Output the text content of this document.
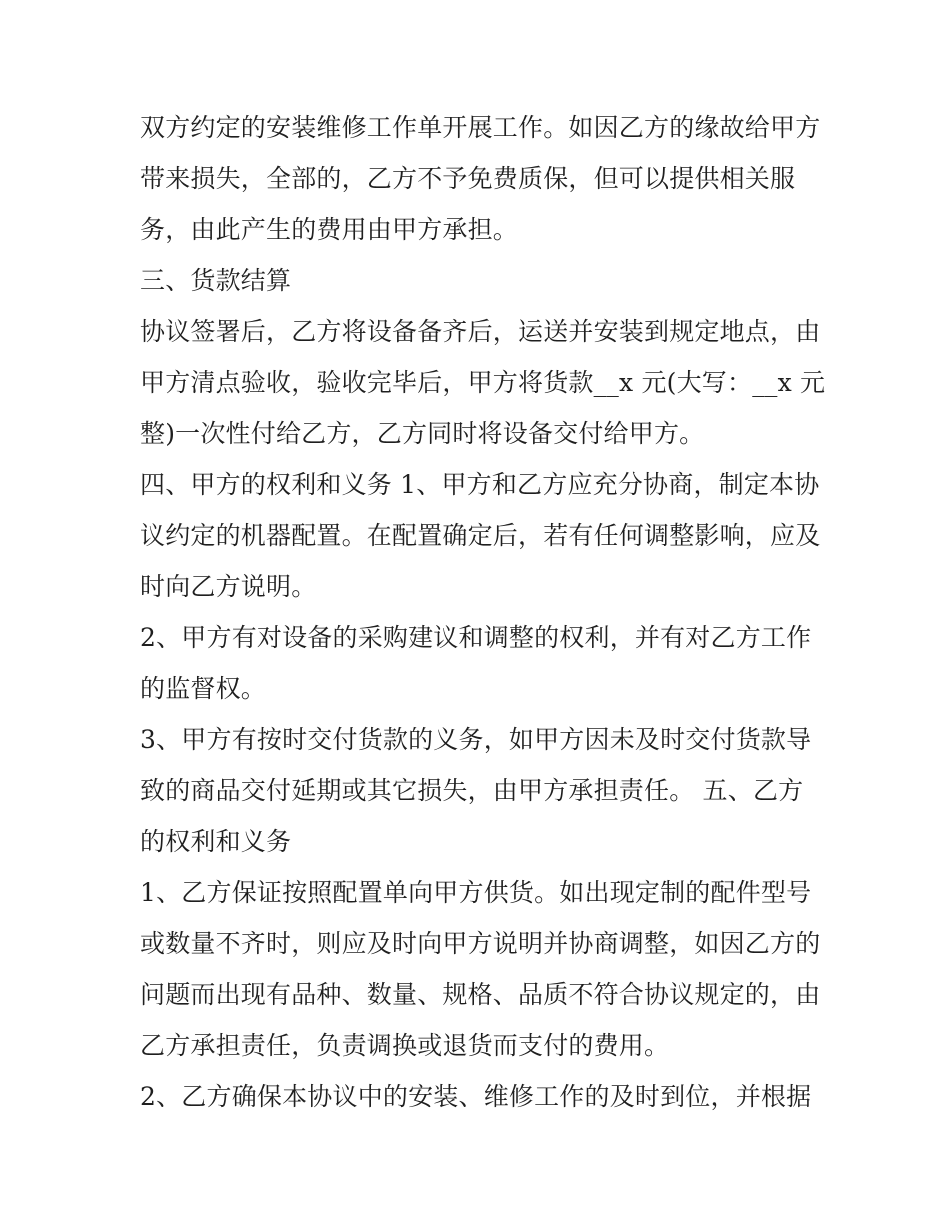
双方约定的安装维修工作单开展工作。如因乙方的缘故给甲方
带来损失，全部的，乙方不予免费质保，但可以提供相关服
务，由此产生的费用由甲方承担。
三、货款结算
协议签署后，乙方将设备备齐后，运送并安装到规定地点，由
甲方清点验收，验收完毕后，甲方将货款__x 元(大写：__x 元
整)一次性付给乙方，乙方同时将设备交付给甲方。
四、甲方的权利和义务 1、甲方和乙方应充分协商，制定本协
议约定的机器配置。在配置确定后，若有任何调整影响，应及
时向乙方说明。
2、甲方有对设备的采购建议和调整的权利，并有对乙方工作
的监督权。
3、甲方有按时交付货款的义务，如甲方因未及时交付货款导
致的商品交付延期或其它损失，由甲方承担责任。 五、乙方
的权利和义务
1、乙方保证按照配置单向甲方供货。如出现定制的配件型号
或数量不齐时，则应及时向甲方说明并协商调整，如因乙方的
问题而出现有品种、数量、规格、品质不符合协议规定的，由
乙方承担责任，负责调换或退货而支付的费用。
2、乙方确保本协议中的安装、维修工作的及时到位，并根据
